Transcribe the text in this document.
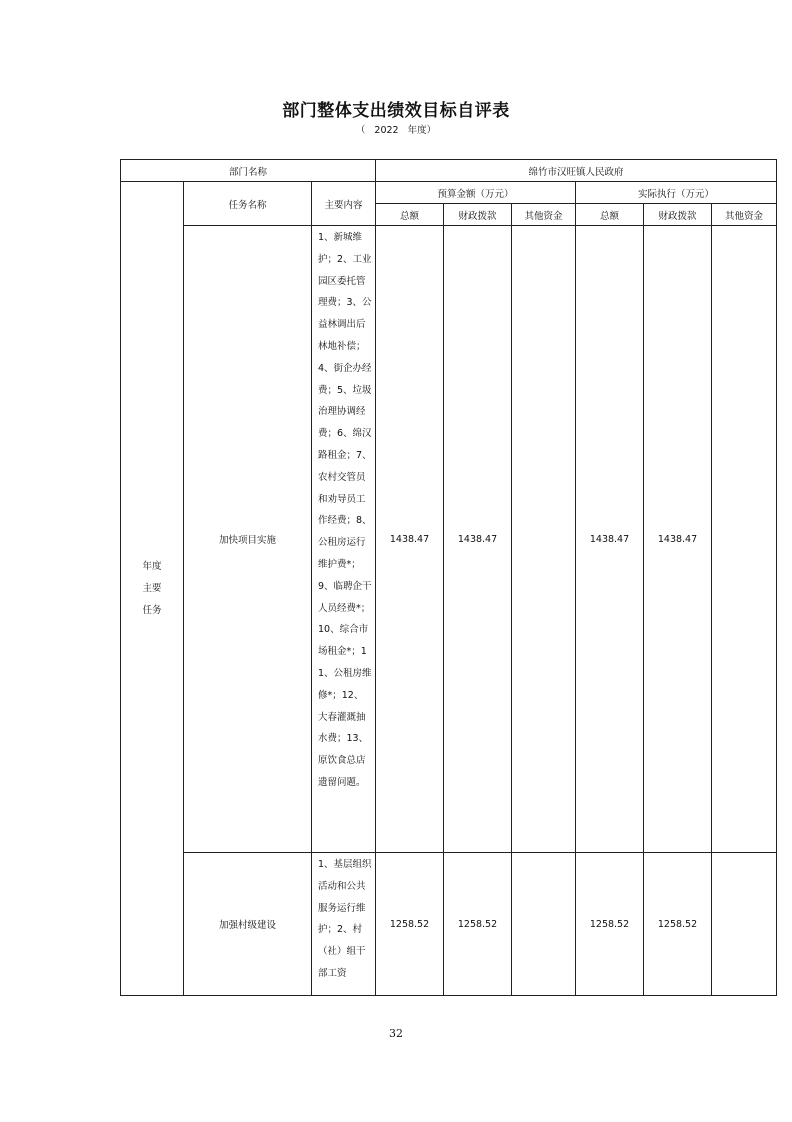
部门整体支出绩效目标自评表
（   2022   年度）
部门名称			绵竹市汉旺镇人民政府					
年度
主要
任务	任务名称	主要内容	预算金额（万元）			实际执行（万元）		
			总额	财政拨款	其他资金	总额	财政拨款	其他资金
	加快项目实施	1、新城维护；2、工业园区委托管理费；3、公益林调出后林地补偿；4、街企办经费；5、垃圾治理协调经费；6、绵汉路租金；7、农村交管员和劝导员工作经费；8、公租房运行维护费*；9、临聘企干人员经费*；10、综合市场租金*；11、公租房维修*；12、大春灌溉抽水费；13、原饮食总店遗留问题。	1438.47	1438.47		1438.47	1438.47	
	加强村级建设	1、基层组织活动和公共服务运行维护；2、村（社）组干部工资	1258.52	1258.52		1258.52	1258.52	
32
